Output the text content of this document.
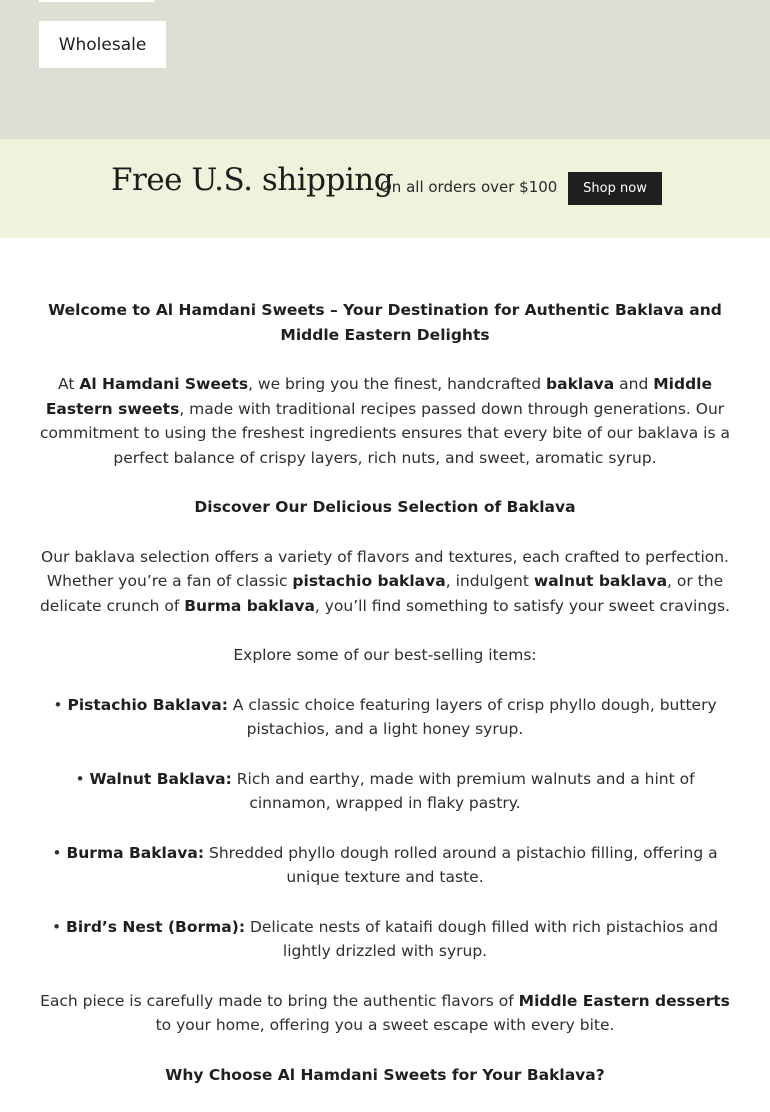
Wholesale
Free U.S. shipping
On all orders over $100	Shop now

Welcome to Al Hamdani Sweets – Your Destination for Authentic Baklava and Middle Eastern Delights

At Al Hamdani Sweets, we bring you the finest, handcrafted baklava and Middle Eastern sweets, made with traditional recipes passed down through generations. Our commitment to using the freshest ingredients ensures that every bite of our baklava is a perfect balance of crispy layers, rich nuts, and sweet, aromatic syrup.

Discover Our Delicious Selection of Baklava

Our baklava selection offers a variety of flavors and textures, each crafted to perfection. Whether you’re a fan of classic pistachio baklava, indulgent walnut baklava, or the delicate crunch of Burma baklava, you’ll find something to satisfy your sweet cravings.

Explore some of our best-selling items:

• Pistachio Baklava: A classic choice featuring layers of crisp phyllo dough, buttery pistachios, and a light honey syrup.

• Walnut Baklava: Rich and earthy, made with premium walnuts and a hint of cinnamon, wrapped in flaky pastry.

• Burma Baklava: Shredded phyllo dough rolled around a pistachio filling, offering a unique texture and taste.

• Bird’s Nest (Borma): Delicate nests of kataifi dough filled with rich pistachios and lightly drizzled with syrup.

Each piece is carefully made to bring the authentic flavors of Middle Eastern desserts to your home, offering you a sweet escape with every bite.

Why Choose Al Hamdani Sweets for Your Baklava?
